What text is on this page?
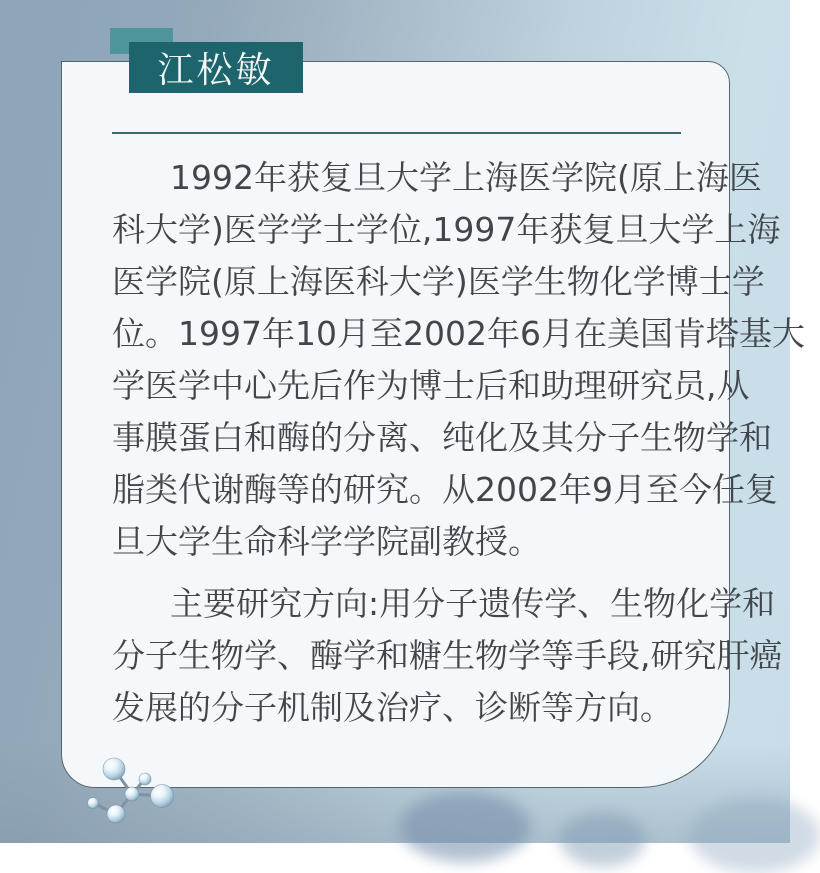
江松敏
1992年获复旦大学上海医学院(原上海医
科大学)医学学士学位,1997年获复旦大学上海
医学院(原上海医科大学)医学生物化学博士学
位。1997年10月至2002年6月在美国肯塔基大
学医学中心先后作为博士后和助理研究员,从
事膜蛋白和酶的分离、纯化及其分子生物学和
脂类代谢酶等的研究。从2002年9月至今任复
旦大学生命科学学院副教授。
主要研究方向:用分子遗传学、生物化学和
分子生物学、酶学和糖生物学等手段,研究肝癌
发展的分子机制及治疗、诊断等方向。
